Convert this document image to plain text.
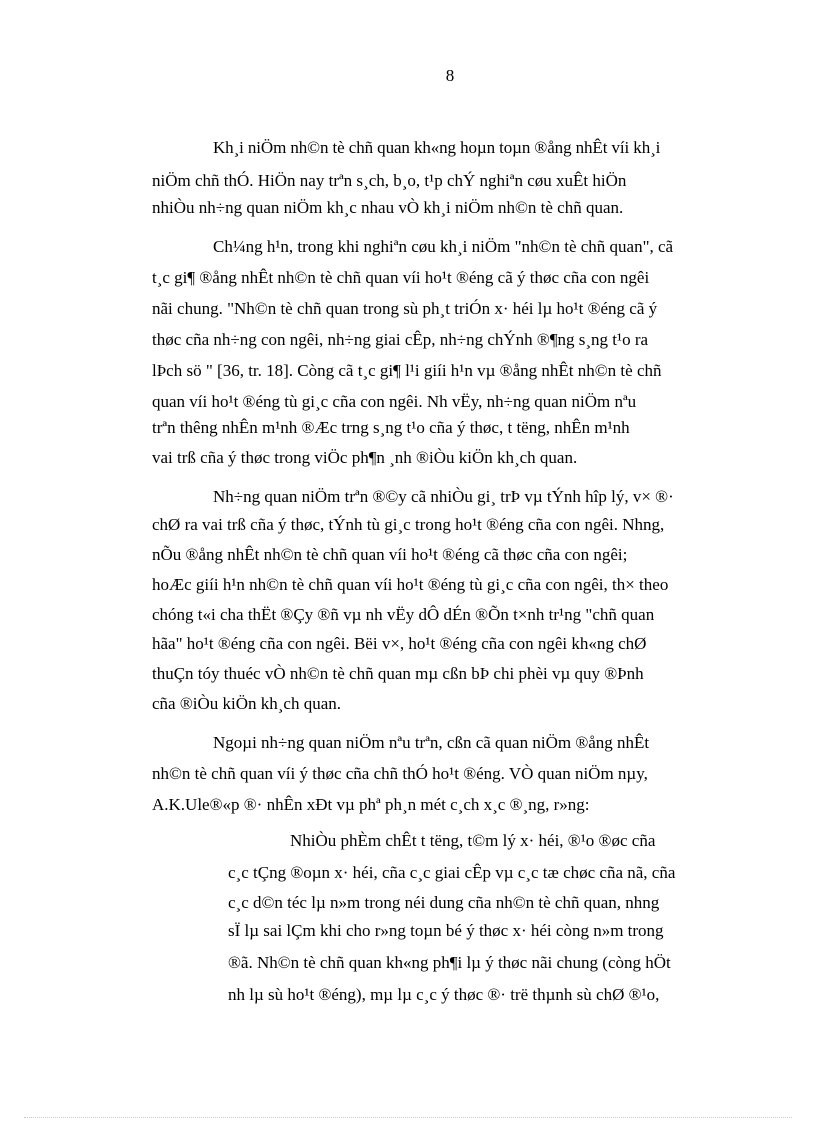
8
Kh¸i niÖm nh©n tè chñ quan kh«ng hoµn toµn ®ång nhÊt víi kh¸i
niÖm chñ thÓ. HiÖn nay trªn s¸ch, b¸o, t¹p chÝ nghiªn cøu xuÊt hiÖn
nhiÒu nh÷ng quan niÖm kh¸c nhau vÒ kh¸i niÖm nh©n tè chñ quan.
Ch¼ng h¹n, trong khi nghiªn cøu kh¸i niÖm "nh©n tè chñ quan", cã
t¸c gi¶ ®ång nhÊt nh©n tè chñ quan víi ho¹t ®éng cã ý thøc cña con ngêi
nãi chung. "Nh©n tè chñ quan trong sù ph¸t triÓn x· héi lµ ho¹t ®éng cã ý
thøc cña nh÷ng con ngêi, nh÷ng giai cÊp, nh÷ng chÝnh ®¶ng s¸ng t¹o ra
lÞch sö " [36, tr. 18]. Còng cã t¸c gi¶ l¹i giíi h¹n vµ ®ång nhÊt nh©n tè chñ
quan víi ho¹t ®éng tù gi¸c cña con ngêi. Nh vËy, nh÷ng quan niÖm nªu
trªn thêng nhÊn m¹nh ®Æc trng s¸ng t¹o cña ý thøc, t tëng, nhÊn m¹nh
vai trß cña ý thøc trong viÖc ph¶n ¸nh ®iÒu kiÖn kh¸ch quan.
Nh÷ng quan niÖm trªn ®©y cã nhiÒu gi¸ trÞ vµ tÝnh hîp lý, v× ®·
chØ ra vai trß cña ý thøc, tÝnh tù gi¸c trong ho¹t ®éng cña con ngêi. Nhng,
nÕu ®ång nhÊt nh©n tè chñ quan víi ho¹t ®éng cã thøc cña con ngêi;
hoÆc giíi h¹n nh©n tè chñ quan víi ho¹t ®éng tù gi¸c cña con ngêi, th× theo
chóng t«i cha thËt ®Çy ®ñ vµ nh vËy dÔ dÉn ®Õn t×nh tr¹ng "chñ quan
hãa" ho¹t ®éng cña con ngêi. Bëi v×, ho¹t ®éng cña con ngêi kh«ng chØ
thuÇn tóy thuéc vÒ nh©n tè chñ quan mµ cßn bÞ chi phèi vµ quy ®Þnh
cña ®iÒu kiÖn kh¸ch quan.
Ngoµi nh÷ng quan niÖm nªu trªn, cßn cã quan niÖm ®ång nhÊt
nh©n tè chñ quan víi ý thøc cña chñ thÓ ho¹t ®éng. VÒ quan niÖm nµy,
A.K.Ule®«p ®· nhÊn xÐt vµ phª ph¸n mét c¸ch x¸c ®¸ng, r»ng:
NhiÒu phÈm chÊt t tëng, t©m lý x· héi, ®¹o ®øc cña
c¸c tÇng ®oµn x· héi, cña c¸c giai cÊp vµ c¸c tæ chøc cña nã, cña
c¸c d©n téc lµ n»m trong néi dung cña nh©n tè chñ quan, nhng
sÏ lµ sai lÇm khi cho r»ng toµn bé ý thøc x· héi còng n»m trong
®ã. Nh©n tè chñ quan kh«ng ph¶i lµ ý thøc nãi chung (còng hÖt
nh lµ sù ho¹t ®éng), mµ lµ c¸c ý thøc ®· trë thµnh sù chØ ®¹o,
